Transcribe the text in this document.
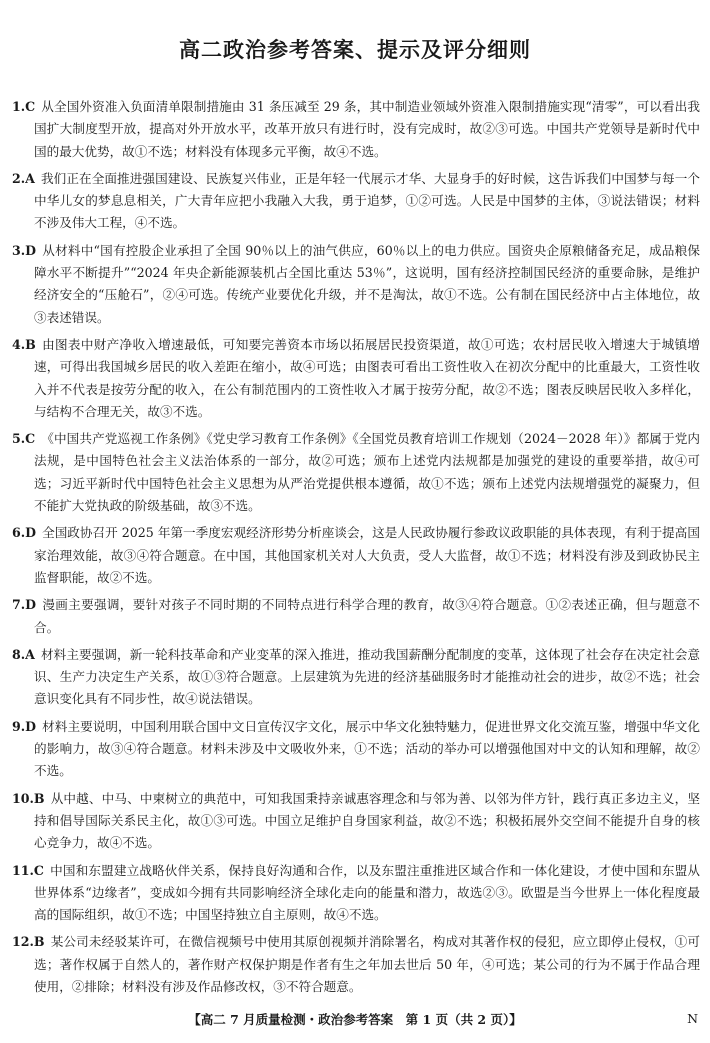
高二政治参考答案、提示及评分细则
1.C 从全国外资准入负面清单限制措施由 31 条压减至 29 条，其中制造业领域外资准入限制措施实现“清零”，可以看出我国扩大制度型开放，提高对外开放水平，改革开放只有进行时，没有完成时，故②③可选。中国共产党领导是新时代中国的最大优势，故①不选；材料没有体现多元平衡，故④不选。
2.A 我们正在全面推进强国建设、民族复兴伟业，正是年轻一代展示才华、大显身手的好时候，这告诉我们中国梦与每一个中华儿女的梦息息相关，广大青年应把小我融入大我，勇于追梦，①②可选。人民是中国梦的主体，③说法错误；材料不涉及伟大工程，④不选。
3.D 从材料中“国有控股企业承担了全国 90％以上的油气供应，60％以上的电力供应。国资央企原粮储备充足，成品粮保障水平不断提升”“2024 年央企新能源装机占全国比重达 53％”，这说明，国有经济控制国民经济的重要命脉，是维护经济安全的“压舱石”，②④可选。传统产业要优化升级，并不是淘汰，故①不选。公有制在国民经济中占主体地位，故③表述错误。
4.B 由图表中财产净收入增速最低，可知要完善资本市场以拓展居民投资渠道，故①可选；农村居民收入增速大于城镇增速，可得出我国城乡居民的收入差距在缩小，故④可选；由图表可看出工资性收入在初次分配中的比重最大，工资性收入并不代表是按劳分配的收入，在公有制范围内的工资性收入才属于按劳分配，故②不选；图表反映居民收入多样化，与结构不合理无关，故③不选。
5.C 《中国共产党巡视工作条例》《党史学习教育工作条例》《全国党员教育培训工作规划（2024－2028 年）》都属于党内法规，是中国特色社会主义法治体系的一部分，故②可选；颁布上述党内法规都是加强党的建设的重要举措，故④可选；习近平新时代中国特色社会主义思想为从严治党提供根本遵循，故①不选；颁布上述党内法规增强党的凝聚力，但不能扩大党执政的阶级基础，故③不选。
6.D 全国政协召开 2025 年第一季度宏观经济形势分析座谈会，这是人民政协履行参政议政职能的具体表现，有利于提高国家治理效能，故③④符合题意。在中国，其他国家机关对人大负责，受人大监督，故①不选；材料没有涉及到政协民主监督职能，故②不选。
7.D 漫画主要强调，要针对孩子不同时期的不同特点进行科学合理的教育，故③④符合题意。①②表述正确，但与题意不合。
8.A 材料主要强调，新一轮科技革命和产业变革的深入推进，推动我国薪酬分配制度的变革，这体现了社会存在决定社会意识、生产力决定生产关系，故①③符合题意。上层建筑为先进的经济基础服务时才能推动社会的进步，故②不选；社会意识变化具有不同步性，故④说法错误。
9.D 材料主要说明，中国利用联合国中文日宣传汉字文化，展示中华文化独特魅力，促进世界文化交流互鉴，增强中华文化的影响力，故③④符合题意。材料未涉及中文吸收外来，①不选；活动的举办可以增强他国对中文的认知和理解，故②不选。
10.B 从中越、中马、中柬树立的典范中，可知我国秉持亲诚惠容理念和与邻为善、以邻为伴方针，践行真正多边主义，坚持和倡导国际关系民主化，故①③可选。中国立足维护自身国家利益，故②不选；积极拓展外交空间不能提升自身的核心竞争力，故④不选。
11.C 中国和东盟建立战略伙伴关系，保持良好沟通和合作，以及东盟注重推进区域合作和一体化建设，才使中国和东盟从世界体系“边缘者”，变成如今拥有共同影响经济全球化走向的能量和潜力，故选②③。欧盟是当今世界上一体化程度最高的国际组织，故①不选；中国坚持独立自主原则，故④不选。
12.B 某公司未经驳某许可，在微信视频号中使用其原创视频并消除署名，构成对其著作权的侵犯，应立即停止侵权，①可选；著作权属于自然人的，著作财产权保护期是作者有生之年加去世后 50 年，④可选；某公司的行为不属于作品合理使用，②排除；材料没有涉及作品修改权，③不符合题意。
【高二 7 月质量检测・政治参考答案　第 1 页（共 2 页）】	N
